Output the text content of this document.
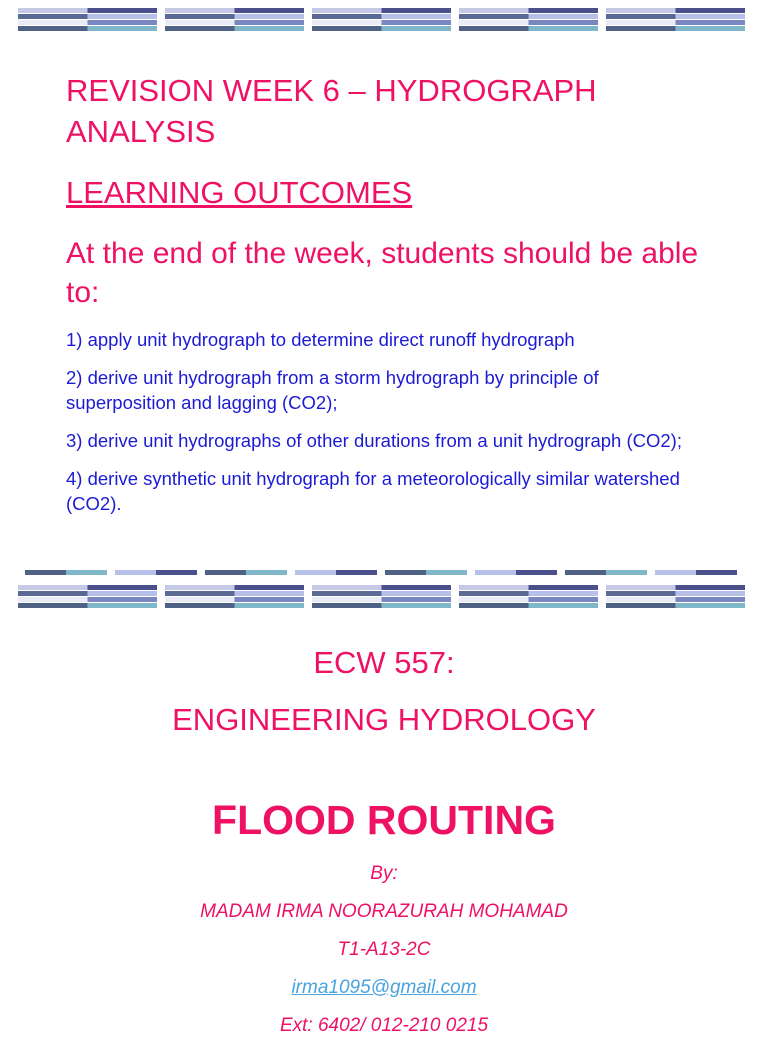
REVISION WEEK 6 – HYDROGRAPH ANALYSIS
LEARNING OUTCOMES
At the end of the week, students should be able to:
1) apply unit hydrograph to determine direct runoff hydrograph
2) derive unit hydrograph from a storm hydrograph by principle of superposition and lagging (CO2);
3) derive unit hydrographs of other durations from a unit hydrograph (CO2);
4) derive synthetic unit hydrograph for a meteorologically similar watershed (CO2).
ECW 557:
ENGINEERING HYDROLOGY
FLOOD ROUTING
By:
MADAM IRMA NOORAZURAH MOHAMAD
T1-A13-2C
irma1095@gmail.com
Ext: 6402/ 012-210 0215
